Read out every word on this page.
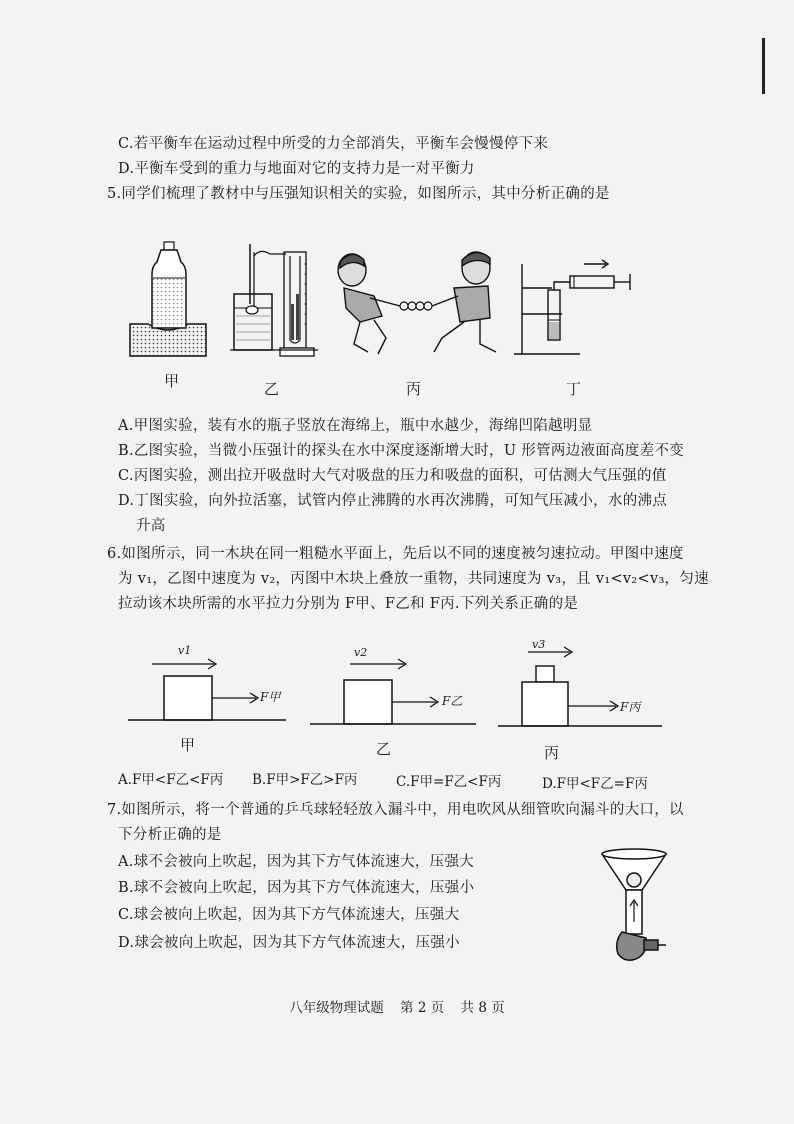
C.若平衡车在运动过程中所受的力全部消失，平衡车会慢慢停下来
D.平衡车受到的重力与地面对它的支持力是一对平衡力
5.同学们梳理了教材中与压强知识相关的实验，如图所示，其中分析正确的是
甲	乙	丙	丁
A.甲图实验，装有水的瓶子竖放在海绵上，瓶中水越少，海绵凹陷越明显
B.乙图实验，当微小压强计的探头在水中深度逐渐增大时，U 形管两边液面高度差不变
C.丙图实验，测出拉开吸盘时大气对吸盘的压力和吸盘的面积，可估测大气压强的值
D.丁图实验，向外拉活塞，试管内停止沸腾的水再次沸腾，可知气压减小，水的沸点
升高
6.如图所示，同一木块在同一粗糙水平面上，先后以不同的速度被匀速拉动。甲图中速度
为 v₁，乙图中速度为 v₂，丙图中木块上叠放一重物，共同速度为 v₃，且 v₁<v₂<v₃，匀速
拉动该木块所需的水平拉力分别为 F甲、F乙和 F丙.下列关系正确的是
v1
F甲
甲
v2
F乙
乙
v3
F丙
丙
A.F甲<F乙<F丙 B.F甲>F乙>F丙	C.F甲=F乙<F丙	D.F甲<F乙=F丙
7.如图所示，将一个普通的乒乓球轻轻放入漏斗中，用电吹风从细管吹向漏斗的大口，以
下分析正确的是
A.球不会被向上吹起，因为其下方气体流速大，压强大
B.球不会被向上吹起，因为其下方气体流速大，压强小
C.球会被向上吹起，因为其下方气体流速大，压强大
D.球会被向上吹起，因为其下方气体流速大，压强小
八年级物理试题 第 2 页 共 8 页
